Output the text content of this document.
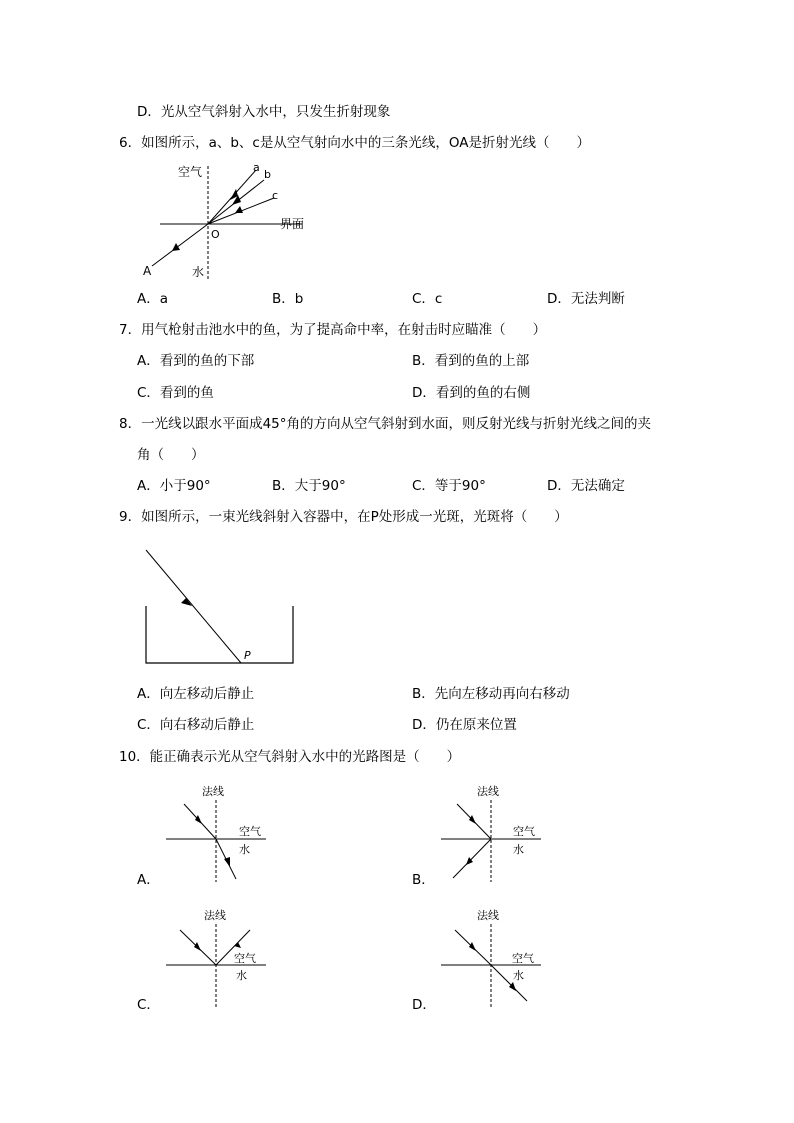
D．光从空气斜射入水中，只发生折射现象
6．如图所示，a、b、c是从空气射向水中的三条光线，OA是折射光线（　　）
空气
水
界面
O
A
a
b
c
A．a	B．b	C．c	D．无法判断
7．用气枪射击池水中的鱼，为了提高命中率，在射击时应瞄准（　　）
A．看到的鱼的下部	B．看到的鱼的上部
C．看到的鱼	D．看到的鱼的右侧
8．一光线以跟水平面成45°角的方向从空气斜射到水面，则反射光线与折射光线之间的夹
角（　　）
A．小于90°	B．大于90°	C．等于90°	D．无法确定
9．如图所示，一束光线斜射入容器中，在P处形成一光斑，光斑将（　　）
P
A．向左移动后静止	B．先向左移动再向右移动
C．向右移动后静止	D．仍在原来位置
10．能正确表示光从空气斜射入水中的光路图是（　　）
法线
空气
水
A．
法线
空气
水
B．
法线
空气
水
C．
法线
空气
水
D．
